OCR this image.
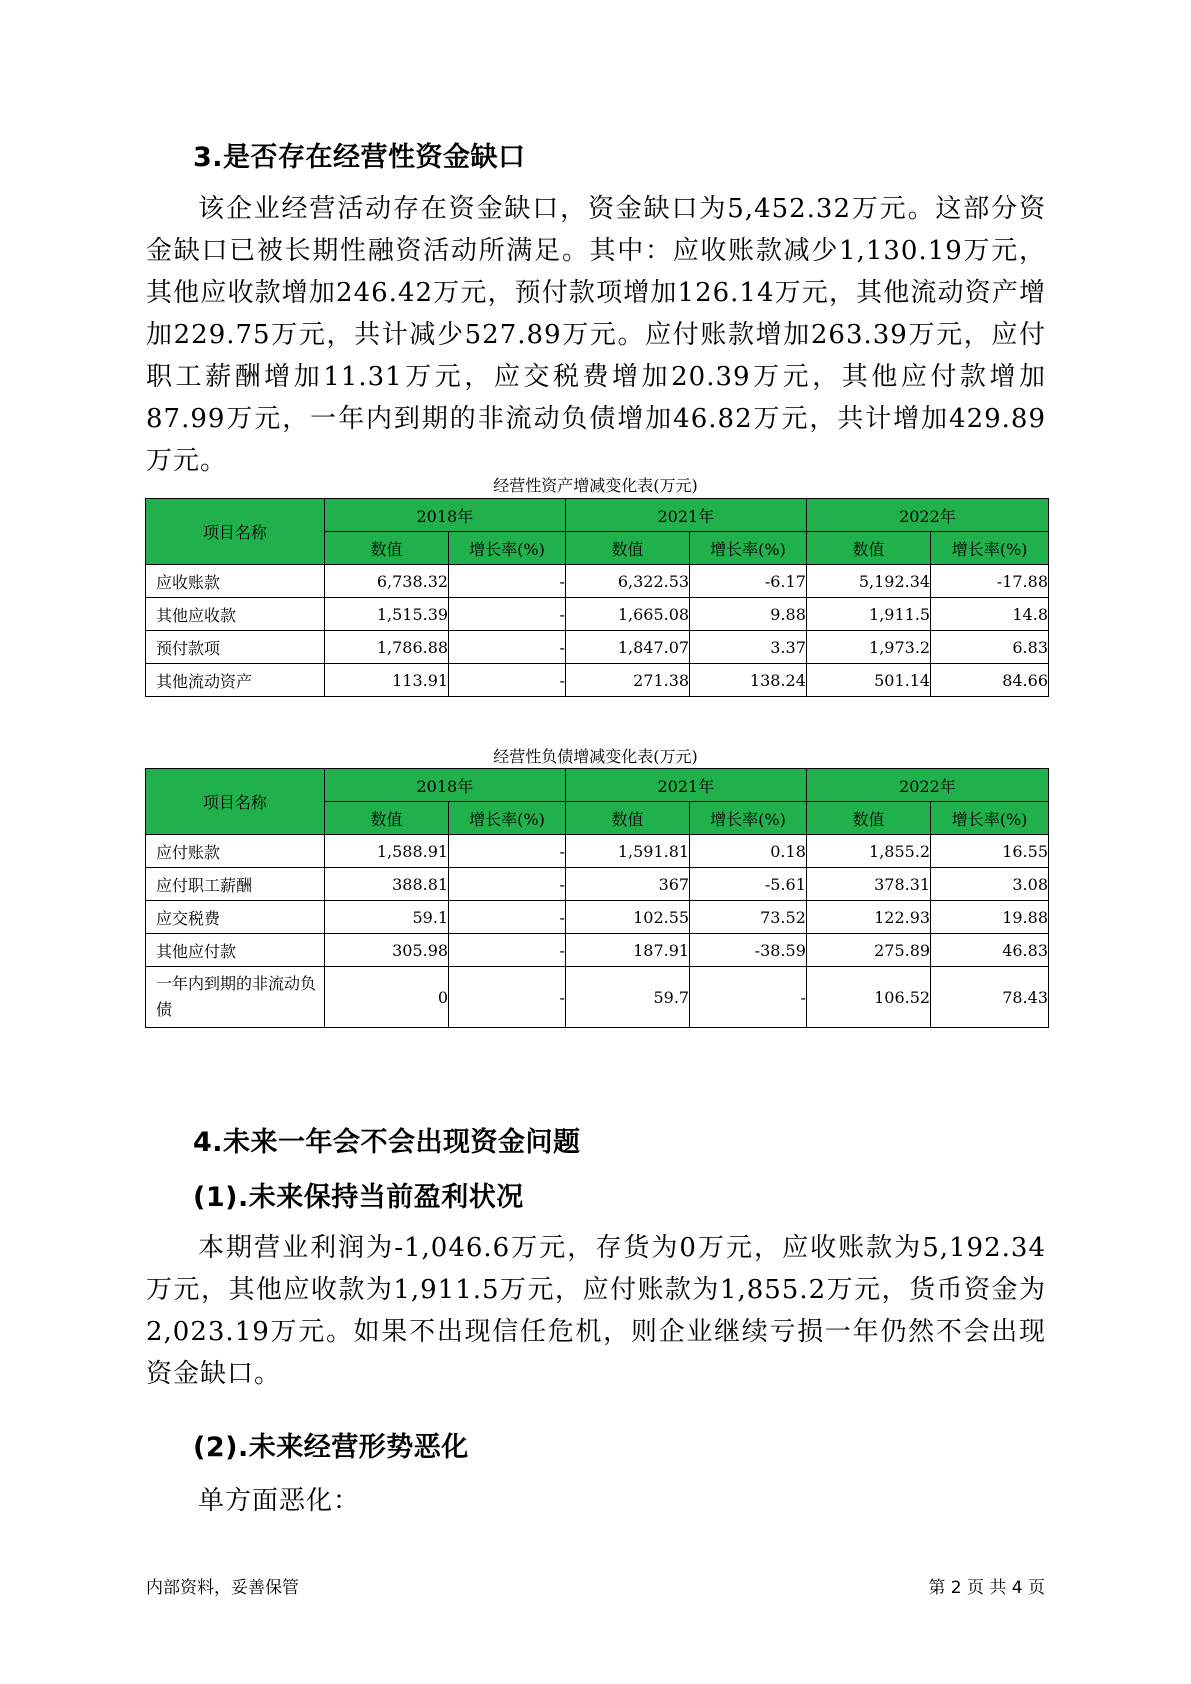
3.是否存在经营性资金缺口
该企业经营活动存在资金缺口，资金缺口为5,452.32万元。这部分资金缺口已被长期性融资活动所满足。其中：应收账款减少1,130.19万元，其他应收款增加246.42万元，预付款项增加126.14万元，其他流动资产增加229.75万元，共计减少527.89万元。应付账款增加263.39万元，应付职工薪酬增加11.31万元，应交税费增加20.39万元，其他应付款增加87.99万元，一年内到期的非流动负债增加46.82万元，共计增加429.89万元。
经营性资产增减变化表(万元)
项目名称	2018年		2021年		2022年	
	数值	增长率(%)	数值	增长率(%)	数值	增长率(%)
应收账款	6,738.32	-	6,322.53	-6.17	5,192.34	-17.88
其他应收款	1,515.39	-	1,665.08	9.88	1,911.5	14.8
预付款项	1,786.88	-	1,847.07	3.37	1,973.2	6.83
其他流动资产	113.91	-	271.38	138.24	501.14	84.66
经营性负债增减变化表(万元)
项目名称	2018年		2021年		2022年	
	数值	增长率(%)	数值	增长率(%)	数值	增长率(%)
应付账款	1,588.91	-	1,591.81	0.18	1,855.2	16.55
应付职工薪酬	388.81	-	367	-5.61	378.31	3.08
应交税费	59.1	-	102.55	73.52	122.93	19.88
其他应付款	305.98	-	187.91	-38.59	275.89	46.83
一年内到期的非流动负债	0	-	59.7	-	106.52	78.43
4.未来一年会不会出现资金问题
(1).未来保持当前盈利状况
本期营业利润为-1,046.6万元，存货为0万元，应收账款为5,192.34万元，其他应收款为1,911.5万元，应付账款为1,855.2万元，货币资金为2,023.19万元。如果不出现信任危机，则企业继续亏损一年仍然不会出现资金缺口。
(2).未来经营形势恶化
单方面恶化：
内部资料，妥善保管	第 2 页 共 4 页
